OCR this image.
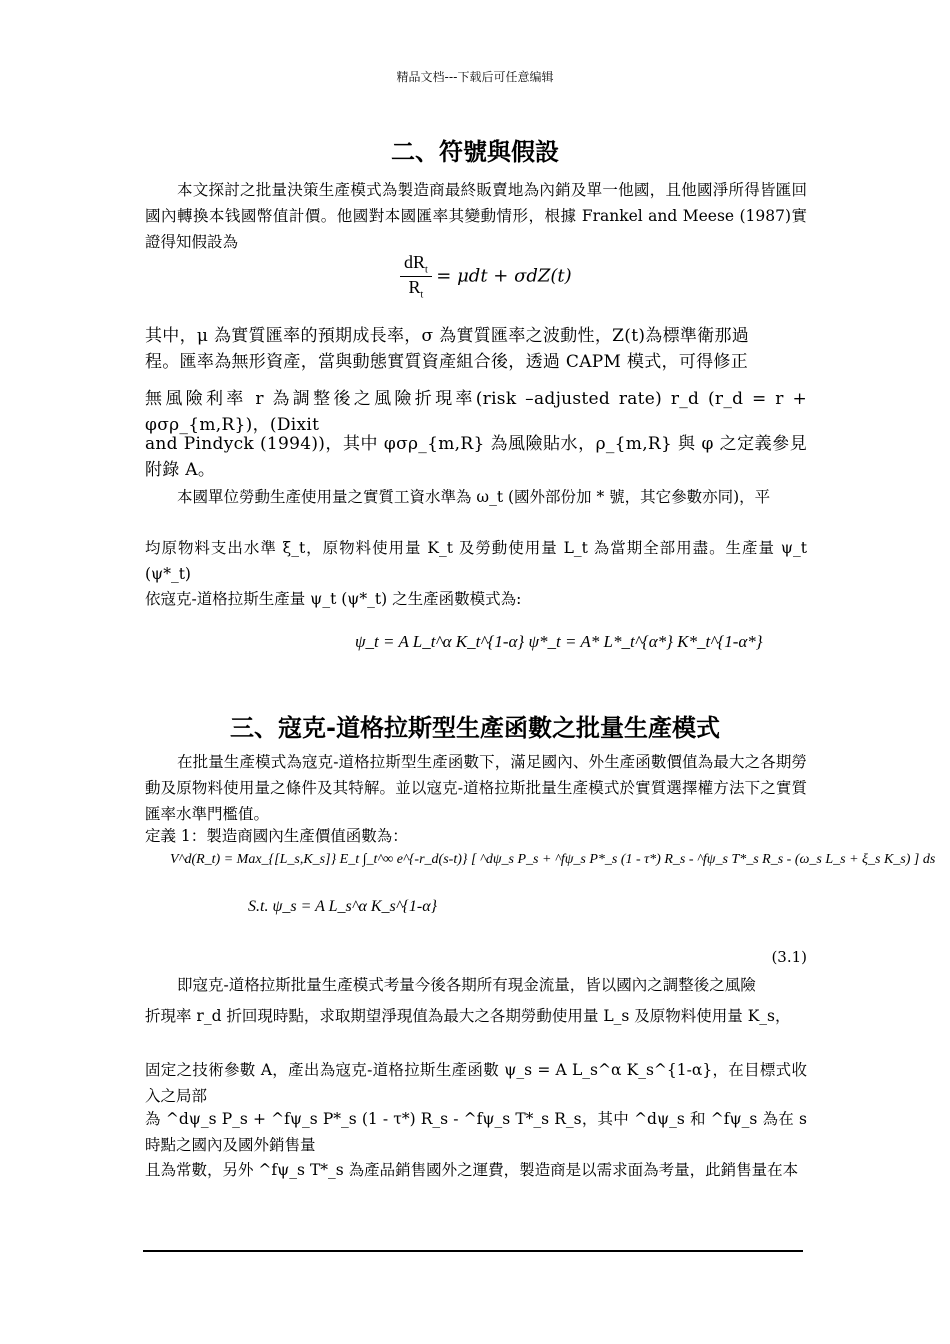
精品文档---下载后可任意编辑
二、符號與假設
本文探討之批量決策生產模式為製造商最終販賣地為內銷及單一他國，且他國淨所得皆匯回國內轉換本钱國幣值計價。他國對本國匯率其變動情形，根據 Frankel and Meese (1987)實證得知假設為
$\frac{dR_t}{R_t} = \mu dt + \sigma dZ(t)$
其中，μ 為實質匯率的預期成長率，σ 為實質匯率之波動性，Z(t)為標準衛那過
程。匯率為無形資產，當與動態實質資產組合後，透過 CAPM 模式，可得修正
無風險利率 r 為調整後之風險折現率(risk –adjusted rate) r_d (r_d = r + φσρ_{m,R})，(Dixit
and Pindyck (1994))，其中 φσρ_{m,R} 為風險貼水，ρ_{m,R} 與 φ 之定義參見附錄 A。
本國單位勞動生產使用量之實質工資水準為 ω_t (國外部份加 * 號，其它參數亦同)，平
均原物料支出水準 ξ_t，原物料使用量 K_t 及勞動使用量 L_t 為當期全部用盡。生產量 ψ_t (ψ*_t)
依寇克-道格拉斯生產量 ψ_t (ψ*_t) 之生產函數模式為:
ψ_t = A L_t^α K_t^{1-α} ψ*_t = A* L*_t^{α*} K*_t^{1-α*}
三、寇克-道格拉斯型生產函數之批量生產模式
在批量生產模式為寇克-道格拉斯型生產函數下，滿足國內、外生產函數價值為最大之各期勞動及原物料使用量之條件及其特解。並以寇克-道格拉斯批量生產模式於實質選擇權方法下之實質匯率水準門檻值。
定義 1：製造商國內生產價值函數為：
V^d(R_t) = Max_{[L_s,K_s]} E_t ∫_t^∞ e^{-r_d(s-t)} [ ^dψ_s P_s + ^fψ_s P*_s (1 - τ*) R_s - ^fψ_s T*_s R_s - (ω_s L_s + ξ_s K_s) ] ds
S.t. ψ_s = A L_s^α K_s^{1-α}
(3.1)
即寇克-道格拉斯批量生產模式考量今後各期所有現金流量，皆以國內之調整後之風險
折現率 r_d 折回現時點，求取期望淨現值為最大之各期勞動使用量 L_s 及原物料使用量 K_s，
固定之技術參數 A，產出為寇克-道格拉斯生產函數 ψ_s = A L_s^α K_s^{1-α}，在目標式收入之局部
為 ^dψ_s P_s + ^fψ_s P*_s (1 - τ*) R_s - ^fψ_s T*_s R_s，其中 ^dψ_s 和 ^fψ_s 為在 s 時點之國內及國外銷售量
且為常數，另外 ^fψ_s T*_s 為產品銷售國外之運費，製造商是以需求面為考量，此銷售量在本
